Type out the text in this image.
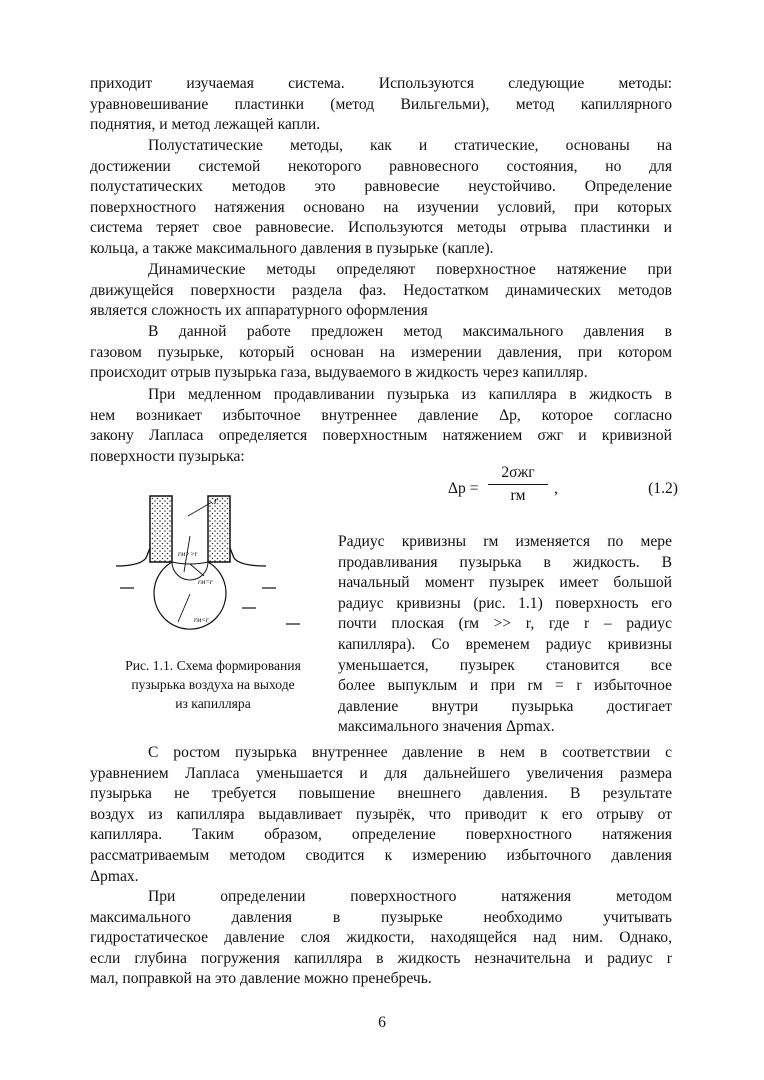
приходит изучаемая система. Используются следующие методы:
уравновешивание пластинки (метод Вильгельми), метод капиллярного
поднятия, и метод лежащей капли.

Полустатические методы, как и статические, основаны на
достижении системой некоторого равновесного состояния, но для
полустатических методов это равновесие неустойчиво. Определение
поверхностного натяжения основано на изучении условий, при которых
система теряет свое равновесие. Используются методы отрыва пластинки и
кольца, а также максимального давления в пузырьке (капле).

Динамические методы определяют поверхностное натяжение при
движущейся поверхности раздела фаз. Недостатком динамических методов
является сложность их аппаратурного оформления

В данной работе предложен метод максимального давления в
газовом пузырьке, который основан на измерении давления, при котором
происходит отрыв пузырька газа, выдуваемого в жидкость через капилляр.

При медленном продавливании пузырька из капилляра в жидкость в
нем возникает избыточное внутреннее давление Δp, которое согласно
закону Лапласа определяется поверхностным натяжением σжг и кривизной
поверхности пузырька:

Δp =
2σжг
rм	,	(1.2)
r
rм>>r
rм=r
rм<r
Рис. 1.1. Схема формирования
пузырька воздуха на выходе
из капилляра

Радиус кривизны rм изменяется по мере
продавливания пузырька в жидкость. В
начальный момент пузырек имеет большой
радиус кривизны (рис. 1.1) поверхность его
почти плоская (rм >> r, где r – радиус
капилляра). Со временем радиус кривизны
уменьшается, пузырек становится все
более выпуклым и при rм = r избыточное
давление внутри пузырька достигает
максимального значения Δpmax.

С ростом пузырька внутреннее давление в нем в соответствии с
уравнением Лапласа уменьшается и для дальнейшего увеличения размера
пузырька не требуется повышение внешнего давления. В результате
воздух из капилляра выдавливает пузырёк, что приводит к его отрыву от
капилляра. Таким образом, определение поверхностного натяжения
рассматриваемым методом сводится к измерению избыточного давления
Δpmax.

При определении поверхностного натяжения методом
максимального давления в пузырьке необходимо учитывать
гидростатическое давление слоя жидкости, находящейся над ним. Однако,
если глубина погружения капилляра в жидкость незначительна и радиус r
мал, поправкой на это давление можно пренебречь.

6
